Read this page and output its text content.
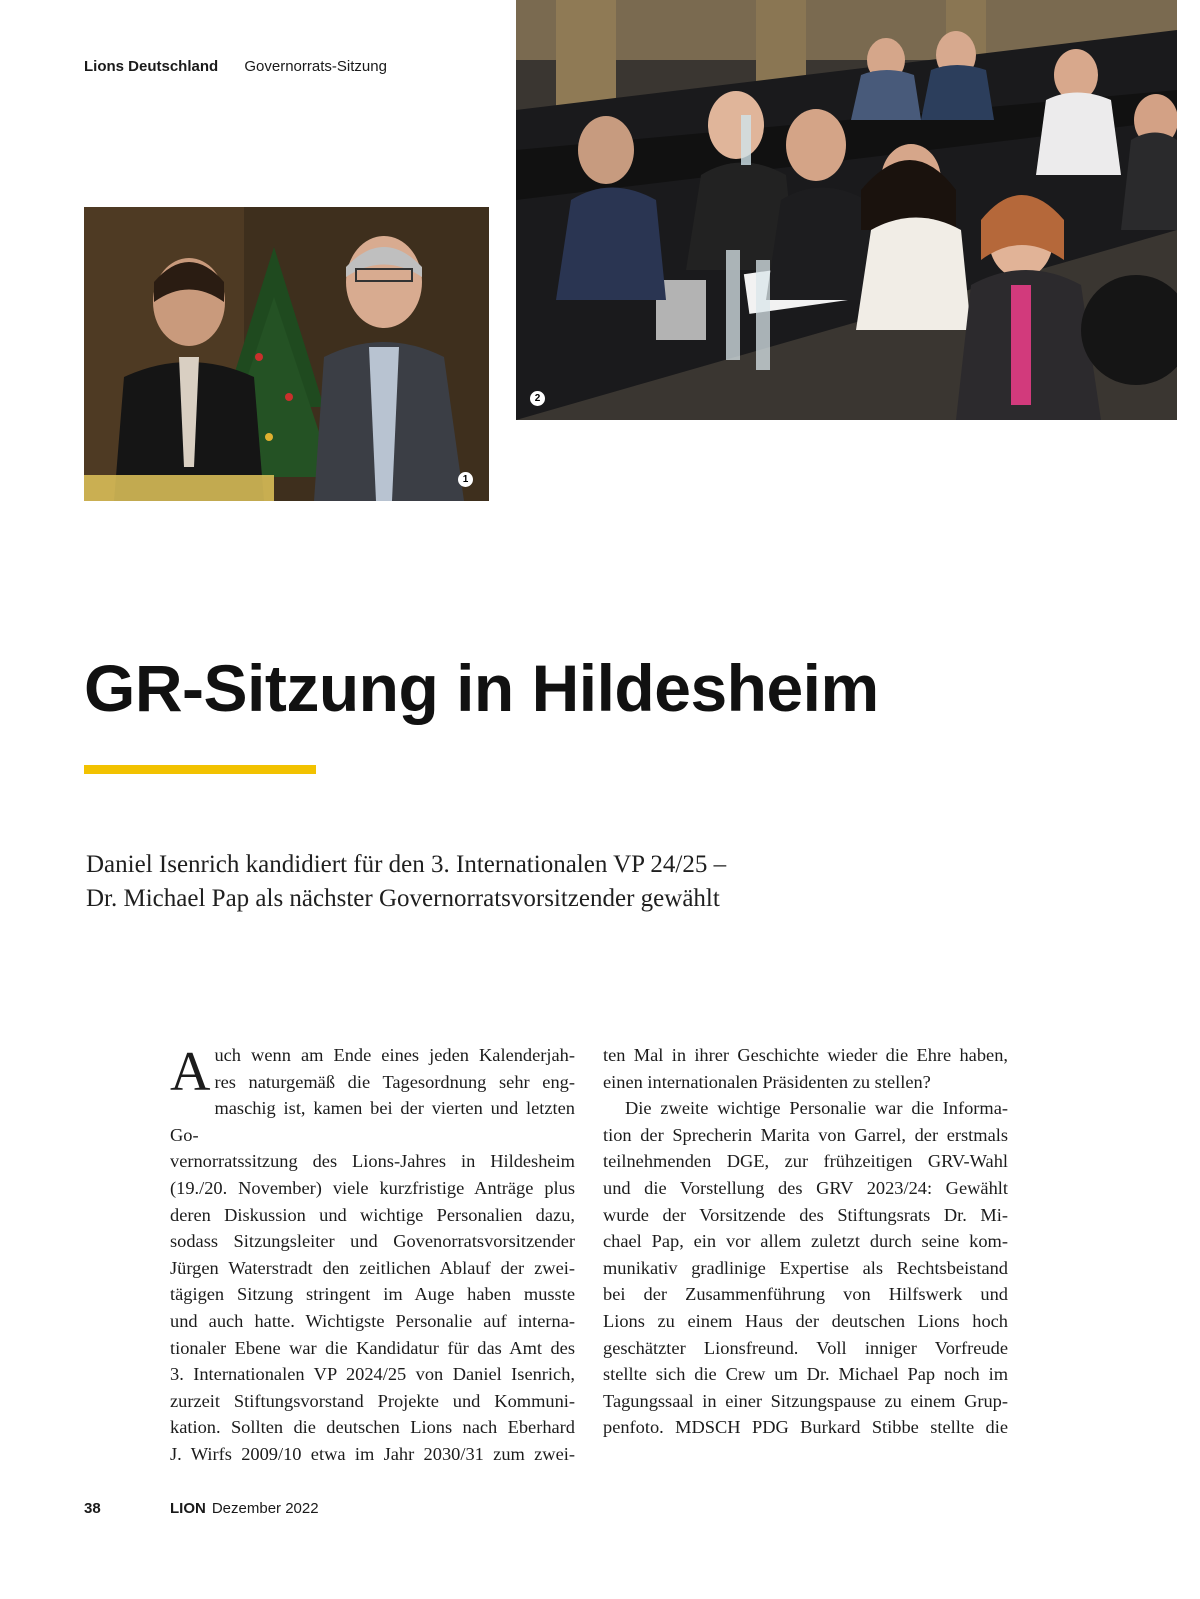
Lions Deutschland Governorrats-Sitzung
1
2
GR-Sitzung in Hildesheim
Daniel Isenrich kandidiert für den 3. Internationalen VP 24/25 –
Dr. Michael Pap als nächster Governorratsvorsitzender gewählt
A uch wenn am Ende eines jeden Kalenderjah-
res naturgemäß die Tagesordnung sehr eng-
maschig ist, kamen bei der vierten und letzten Go-
vernorratssitzung des Lions-Jahres in Hildesheim
(19./20. November) viele kurzfristige Anträge plus
deren Diskussion und wichtige Personalien dazu,
sodass Sitzungsleiter und Govenorratsvorsitzender
Jürgen Waterstradt den zeitlichen Ablauf der zwei-
tägigen Sitzung stringent im Auge haben musste
und auch hatte. Wichtigste Personalie auf interna-
tionaler Ebene war die Kandidatur für das Amt des
3. Internationalen VP 2024/25 von Daniel Isenrich,
zurzeit Stiftungsvorstand Projekte und Kommuni-
kation. Sollten die deutschen Lions nach Eberhard
J. Wirfs 2009/10 etwa im Jahr 2030/31 zum zwei-
ten Mal in ihrer Geschichte wieder die Ehre haben,
einen internationalen Präsidenten zu stellen?
Die zweite wichtige Personalie war die Informa-
tion der Sprecherin Marita von Garrel, der erstmals
teilnehmenden DGE, zur frühzeitigen GRV-Wahl
und die Vorstellung des GRV 2023/24: Gewählt
wurde der Vorsitzende des Stiftungsrats Dr. Mi-
chael Pap, ein vor allem zuletzt durch seine kom-
munikativ gradlinige Expertise als Rechtsbeistand
bei der Zusammenführung von Hilfswerk und
Lions zu einem Haus der deutschen Lions hoch
geschätzter Lionsfreund. Voll inniger Vorfreude
stellte sich die Crew um Dr. Michael Pap noch im
Tagungssaal in einer Sitzungspause zu einem Grup-
penfoto. MDSCH PDG Burkard Stibbe stellte die
38	LION Dezember 2022
